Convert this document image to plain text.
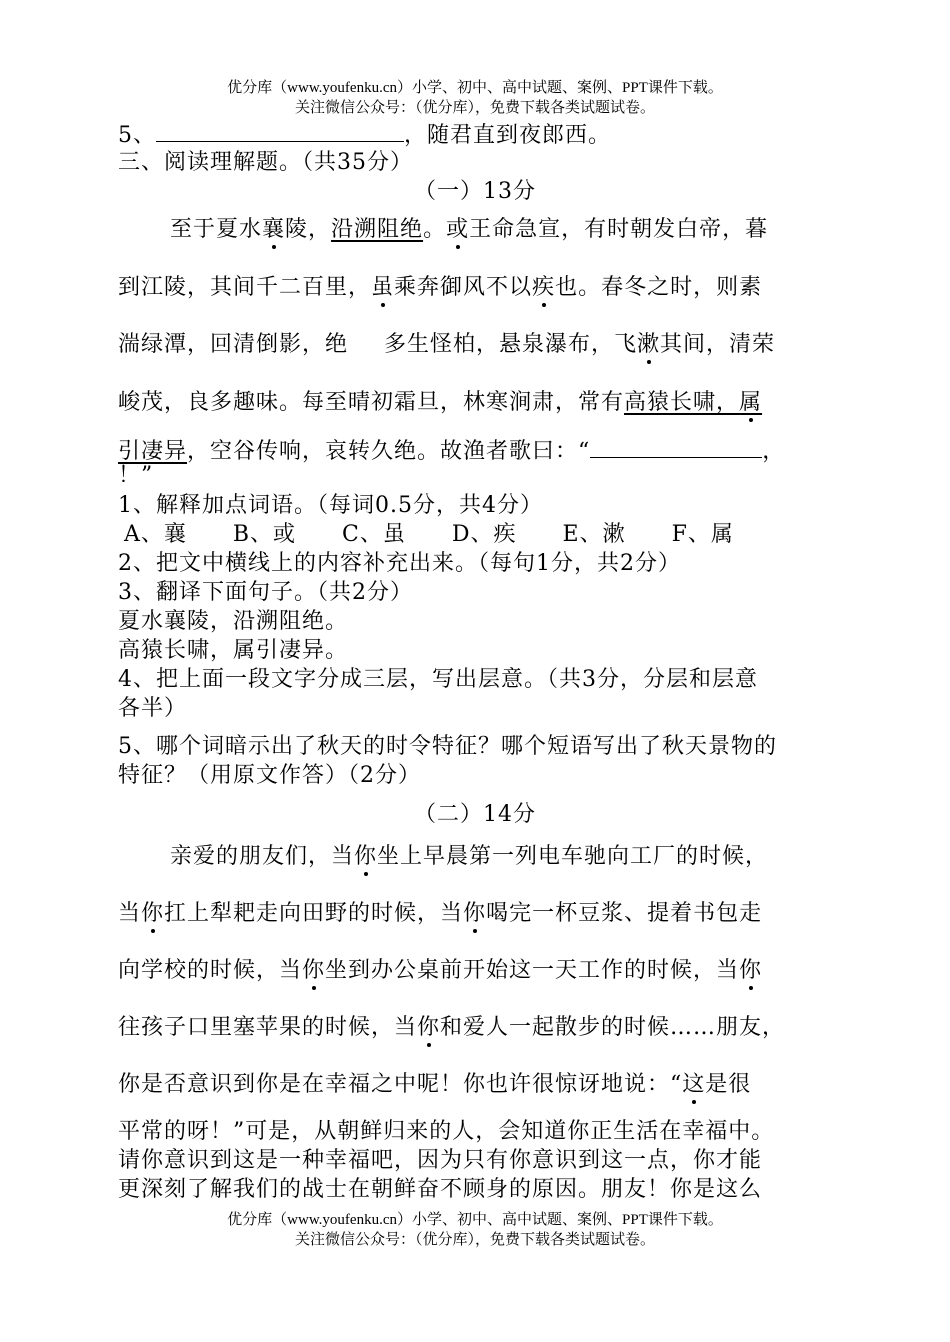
优分库（www.youfenku.cn）小学、初中、高中试题、案例、PPT课件下载。
关注微信公众号：（优分库），免费下载各类试题试卷。
5、	，随君直到夜郎西。
三、阅读理解题。（共35分）
（一）13分
至于夏水襄陵，沿溯阻绝。或王命急宣，有时朝发白帝，暮
到江陵，其间千二百里，虽乘奔御风不以疾也。春冬之时，则素
湍绿潭，回清倒影，绝 多生怪柏，悬泉瀑布，飞漱其间，清荣
峻茂，良多趣味。每至晴初霜旦，林寒涧肃，常有高猿长啸，属
引凄异，空谷传响，哀转久绝。故渔者歌曰：“	，
！”
1、解释加点词语。（每词0.5分，共4分）
A、襄　　B、或　　C、虽　　D、疾　　E、漱　　F、属
2、把文中横线上的内容补充出来。（每句1分，共2分）
3、翻译下面句子。（共2分）
夏水襄陵，沿溯阻绝。
高猿长啸，属引凄异。
4、把上面一段文字分成三层，写出层意。（共3分，分层和层意
各半）
5、哪个词暗示出了秋天的时令特征？哪个短语写出了秋天景物的
特征？（用原文作答）（2分）
（二）14分
亲爱的朋友们，当你坐上早晨第一列电车驰向工厂的时候，
当你扛上犁耙走向田野的时候，当你喝完一杯豆浆、提着书包走
向学校的时候，当你坐到办公桌前开始这一天工作的时候，当你
往孩子口里塞苹果的时候，当你和爱人一起散步的时候……朋友，
你是否意识到你是在幸福之中呢！你也许很惊讶地说：“这是很
平常的呀！”可是，从朝鲜归来的人，会知道你正生活在幸福中。
请你意识到这是一种幸福吧，因为只有你意识到这一点，你才能
更深刻了解我们的战士在朝鲜奋不顾身的原因。朋友！你是这么
优分库（www.youfenku.cn）小学、初中、高中试题、案例、PPT课件下载。
关注微信公众号：（优分库），免费下载各类试题试卷。
